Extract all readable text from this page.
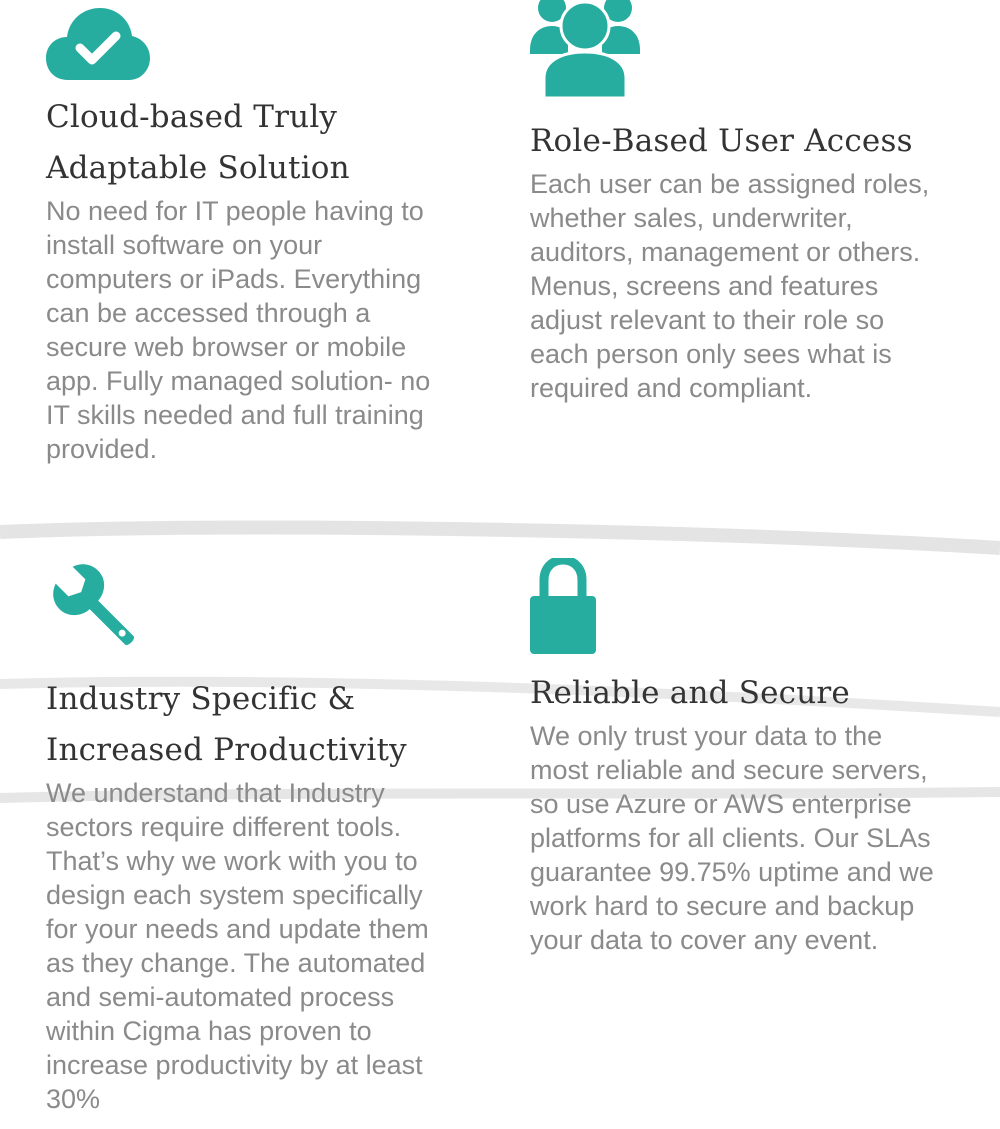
Cloud-based Truly
Adaptable Solution

No need for IT people having to
install software on your
computers or iPads. Everything
can be accessed through a
secure web browser or mobile
app. Fully managed solution- no
IT skills needed and full training
provided.

Role-Based User Access

Each user can be assigned roles,
whether sales, underwriter,
auditors, management or others.
Menus, screens and features
adjust relevant to their role so
each person only sees what is
required and compliant.

Industry Specific &
Increased Productivity

We understand that Industry
sectors require different tools.
That’s why we work with you to
design each system specifically
for your needs and update them
as they change. The automated
and semi-automated process
within Cigma has proven to
increase productivity by at least
30%

Reliable and Secure

We only trust your data to the
most reliable and secure servers,
so use Azure or AWS enterprise
platforms for all clients. Our SLAs
guarantee 99.75% uptime and we
work hard to secure and backup
your data to cover any event.
